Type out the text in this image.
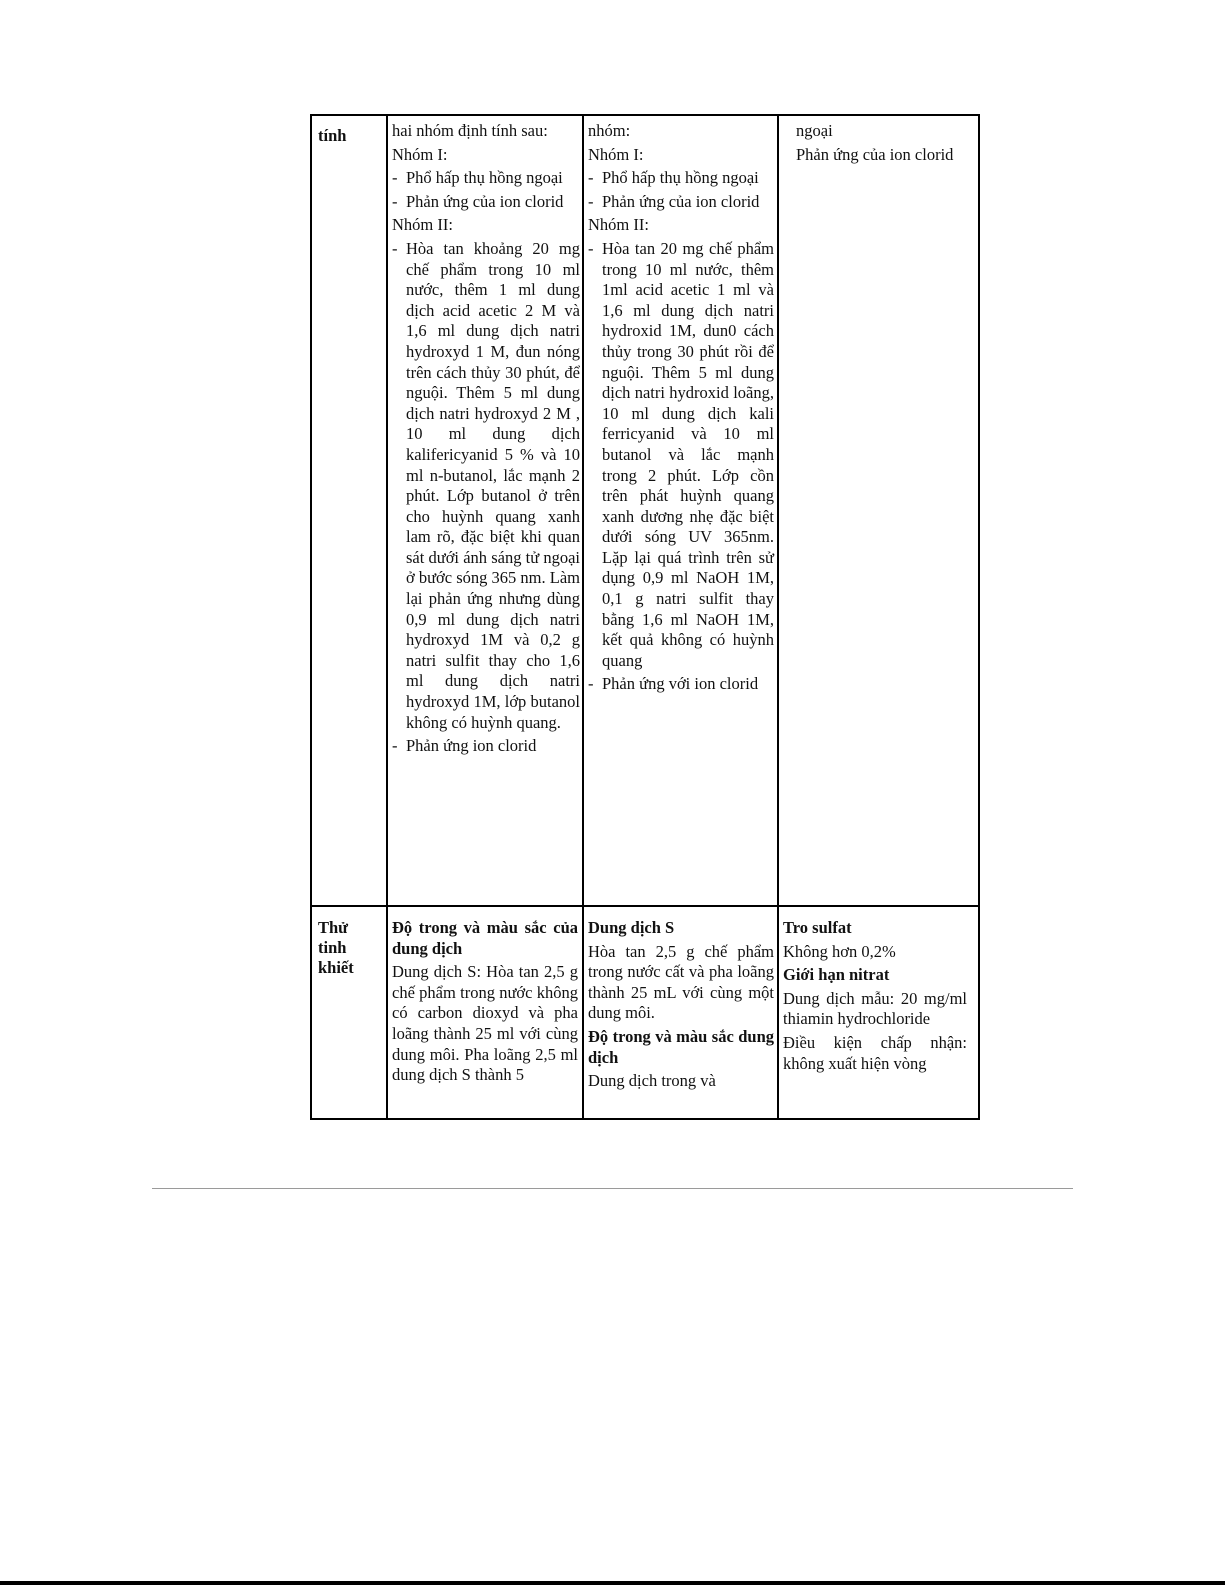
tính	hai nhóm định tính sau:

Nhóm I:

- Phổ hấp thụ hồng ngoại
- Phản ứng của ion clorid

Nhóm II:

- Hòa tan khoảng 20 mg chế phẩm trong 10 ml nước, thêm 1 ml dung dịch acid acetic 2 M và 1,6 ml dung dịch natri hydroxyd 1 M, đun nóng trên cách thủy 30 phút, để nguội. Thêm 5 ml dung dịch natri hydroxyd 2 M , 10 ml dung dịch kalifericyanid 5 % và 10 ml n-butanol, lắc mạnh 2 phút. Lớp butanol ở trên cho huỳnh quang xanh lam rõ, đặc biệt khi quan sát dưới ánh sáng tử ngoại ở bước sóng 365 nm. Làm lại phản ứng nhưng dùng 0,9 ml dung dịch natri hydroxyd 1M và 0,2 g natri sulfit thay cho 1,6 ml dung dịch natri hydroxyd 1M, lớp butanol không có huỳnh quang.
- Phản ứng ion clorid

nhóm:

Nhóm I:

- Phổ hấp thụ hồng ngoại
- Phản ứng của ion clorid

Nhóm II:

- Hòa tan 20 mg chế phẩm trong 10 ml nước, thêm 1ml acid acetic 1 ml và 1,6 ml dung dịch natri hydroxid 1M, dun0 cách thủy trong 30 phút rồi để nguội. Thêm 5 ml dung dịch natri hydroxid loãng, 10 ml dung dịch kali ferricyanid và 10 ml butanol và lắc mạnh trong 2 phút. Lớp cồn trên phát huỳnh quang xanh dương nhẹ đặc biệt dưới sóng UV 365nm. Lặp lại quá trình trên sử dụng 0,9 ml NaOH 1M, 0,1 g natri sulfit thay bằng 1,6 ml NaOH 1M, kết quả không có huỳnh quang
- Phản ứng với ion clorid

ngoại

Phản ứng của ion clorid

Thử tinh khiết

Độ trong và màu sắc của dung dịch

Dung dịch S: Hòa tan 2,5 g chế phẩm trong nước không có carbon dioxyd và pha loãng thành 25 ml với cùng dung môi. Pha loãng 2,5 ml dung dịch S thành 5

Dung dịch S

Hòa tan 2,5 g chế phẩm trong nước cất và pha loãng thành 25 mL với cùng một dung môi.

Độ trong và màu sắc dung dịch

Dung dịch trong và

Tro sulfat

Không hơn 0,2%

Giới hạn nitrat

Dung dịch mẫu: 20 mg/ml thiamin hydrochloride

Điều kiện chấp nhận: không xuất hiện vòng
